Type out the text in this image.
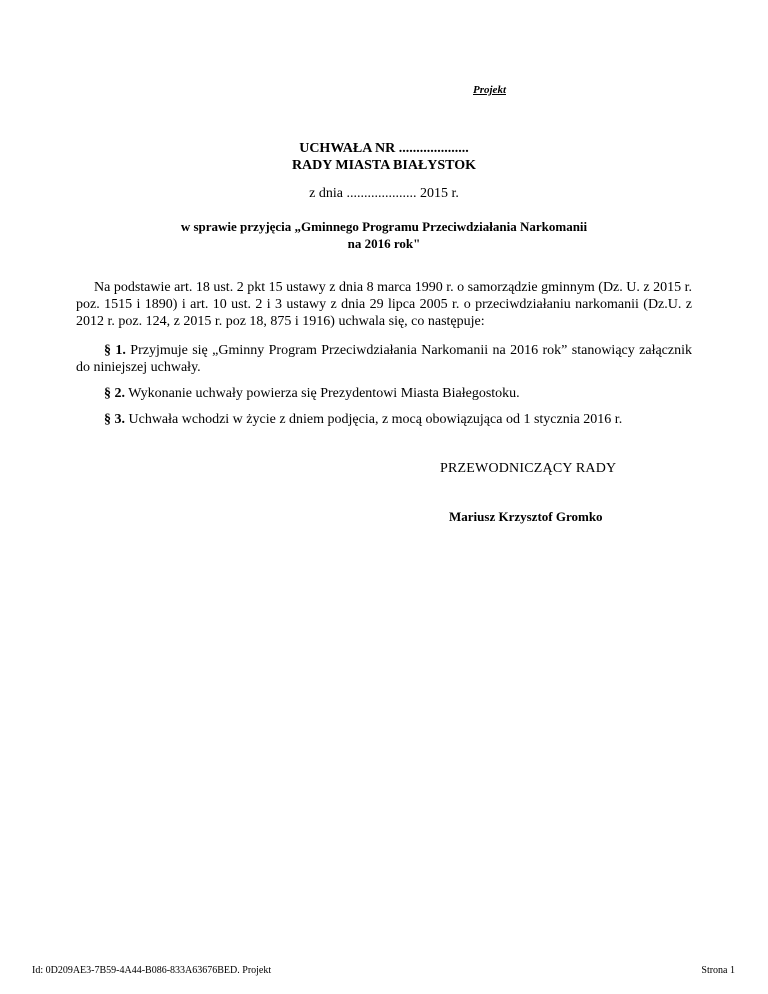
Projekt
UCHWAŁA NR ....................
RADY MIASTA BIAŁYSTOK
z dnia .................... 2015 r.
w sprawie przyjęcia „Gminnego Programu Przeciwdziałania Narkomanii
na 2016 rok"

Na podstawie art. 18 ust. 2 pkt 15 ustawy z dnia 8 marca 1990 r. o samorządzie gminnym (Dz. U. z 2015 r. poz. 1515 i 1890) i art. 10 ust. 2 i 3 ustawy z dnia 29 lipca 2005 r. o przeciwdziałaniu narkomanii (Dz.U. z 2012 r. poz. 124, z 2015 r. poz 18, 875 i 1916) uchwala się, co następuje:

§ 1. Przyjmuje się „Gminny Program Przeciwdziałania Narkomanii na 2016 rok” stanowiący załącznik do niniejszej uchwały.

§ 2. Wykonanie uchwały powierza się Prezydentowi Miasta Białegostoku.

§ 3. Uchwała wchodzi w życie z dniem podjęcia, z mocą obowiązująca od 1 stycznia 2016 r.

PRZEWODNICZĄCY RADY
Mariusz Krzysztof Gromko
Id: 0D209AE3-7B59-4A44-B086-833A63676BED. Projekt	Strona 1
